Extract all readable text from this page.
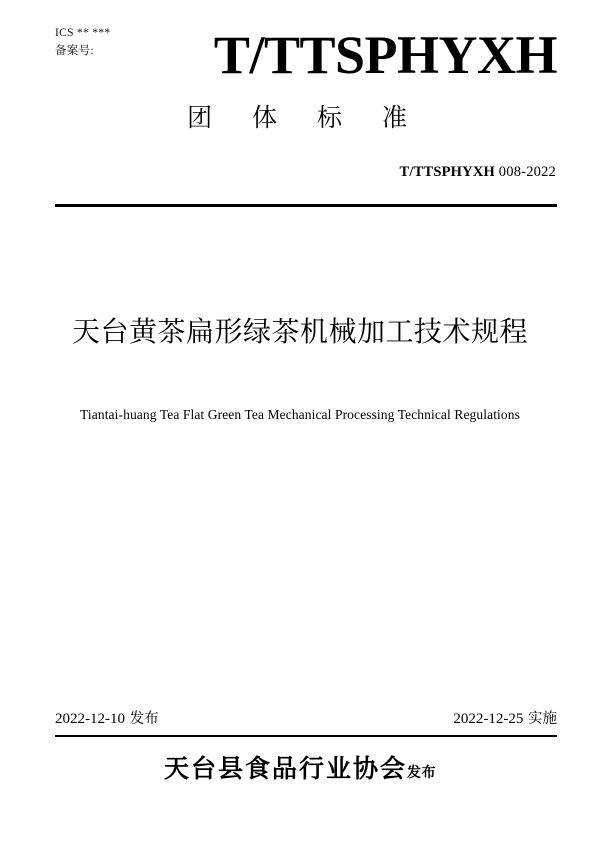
ICS ** ***
备案号:	T/TTSPHYXH
团 体 标 准
T/TTSPHYXH 008-2022
天台黄茶扁形绿茶机械加工技术规程
Tiantai-huang Tea Flat Green Tea Mechanical Processing Technical Regulations
2022-12-10 发布	2022-12-25 实施
天台县食品行业协会发布
